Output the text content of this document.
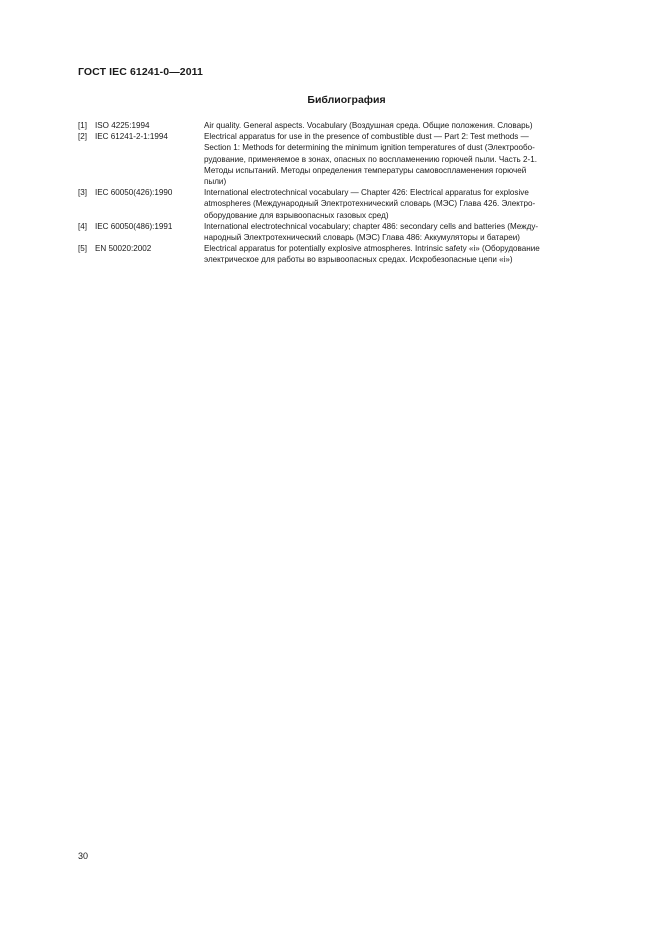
ГОСТ IEC 61241-0—2011
Библиография
[1] ISO 4225:1994	Air quality. General aspects. Vocabulary (Воздушная среда. Общие положения. Словарь)
[2] IEC 61241-2-1:1994	Electrical apparatus for use in the presence of combustible dust — Part 2: Test methods —
Section 1: Methods for determining the minimum ignition temperatures of dust (Электрообо-
рудование, применяемое в зонах, опасных по воспламенению горючей пыли. Часть 2-1.
Методы испытаний. Методы определения температуры самовоспламенения горючей
пыли)
[3] IEC 60050(426):1990	International electrotechnical vocabulary — Chapter 426: Electrical apparatus for explosive
atmospheres (Международный Электротехнический словарь (МЭС) Глава 426. Электро-
оборудование для взрывоопасных газовых сред)
[4] IEC 60050(486):1991	International electrotechnical vocabulary; chapter 486: secondary cells and batteries (Между-
народный Электротехнический словарь (МЭС) Глава 486: Аккумуляторы и батареи)
[5] EN 50020:2002	Electrical apparatus for potentially explosive atmospheres. Intrinsic safety «i» (Оборудование
электрическое для работы во взрывоопасных средах. Искробезопасные цепи «i»)
30
